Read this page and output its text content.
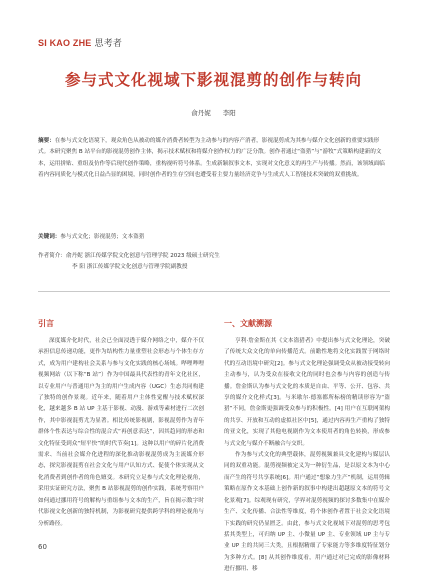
SI KAO ZHE 思考者
参与式文化视域下影视混剪的创作与转向
俞丹妮 李阳
摘要：在参与式文化语境下，观众角色从被动的媒介消费者转型为主动参与的内容产消者，影视混剪成为其参与媒介文化创新的重要实践形式。本研究聚焦 B 站平台的影视混剪创作主体，揭示技术赋权和将媒介创作权力的广泛分散。创作者通过“盗猎”与“游牧”式策略构建新的文本，运用拼贴、重组及仿作等后现代创作策略，重构视听符号体系。生成新颖叙事文本，实现对文化意义的再生产与传播。然而，该领域面临着内容同质化与模式化日益凸显的困境，同时创作者的生存空间也遭受着主要力量经济竞争与生成式人工智能技术突破的双重挑战。
关键词：参与式文化；影视混剪；文本盗猎
作者简介：俞丹妮 浙江传媒学院文化创意与管理学院 2023 级硕士研究生
李 阳 浙江传媒学院文化创意与管理学院副教授
引言	一、文献溯源

深度媒介化时代，社会已全面浸透于媒介网络之中，媒介不仅承担信息传递功能，更作为结构性力量重塑社会形态与个体生存方式，成为用户建构社会关系与参与文化实践的核心场域。哔哩哔哩视频网站（以下称“B 站”）作为中国最具代表性的青年文化社区，以专业用户与普通用户为主的用户生成内容（UGC）生态共同构建了独特的创作景观。近年来，随着用户主体性觉醒与技术赋权深化，越来越多 B 站 UP 主基于影视、动漫、游戏等素材进行二次创作，其中影视混剪尤为显著。相比传统影视剧，影视混剪作为青年群体个性表达与综合性的混合式“再创意表达”，因其趋同的形态和文化特征受到众“短平快”的时代节奏[1]。这种以用户的碎片化消费需求、当前社会媒介化进程的深化推动影视混剪成为主流媒介形态，探究影视混剪在社会文化与用户认知方式、促使个体实现从文化消费者到创作者的角色嬗变。本研究立足参与式文化理论视角，采用实证研究方法，聚焦 B 站影视混剪的创作实践，系统考察用户如何通过挪用符号的解构与重组参与文本的生产，旨在揭示数字时代影视文化创新的独特机制，为影视研究提供跨学科的理论视角与分析路径。

亨利·詹金斯在其《文本盗猎者》中提出参与式文化理论，突破了传统大众文化的单向传播范式。前瞻性地将文化实践置于网络时代的互动语境中研究[2]。参与式文化理论强调受众从被动接受转向主动参与，认为受众在接收文化的同时也会参与内容的创造与传播。詹金斯认为参与式文化的本质是自由、平等、公开、包容、共享的媒介文化样式[3]。与米歇尔·德塞都所标榜的精读形容为“盗猎”不同，詹金斯更强调受众参与的积极性。[4] 用户在互联网架构的共享、开放和互动的虚拟社区中[5]，通过内容再生产重构了独特的亚文化，实现了其他电视剧作为文本使用者的角色转换，形成参与式文化与媒介不断融合与交织。

作为参与式文化的典型载体，混剪视频兼具文化建构与媒层认同的双重功能。混剪视频被定义为一种衍生品，是以原文本为中心而产生的符号共享系统[6]。用户通过“想象力生产”机制，运用剪辑策略在原作文本基础上创作新的叙事中构建出超越原文本的符号文化景观[7]。综观现有研究，学界对混剪视频的探讨多数集中在媒介生产、文化传播、合法性等维度，将个体创作者置于社会文化语境下实践的研究仍显匮乏。由此，参与式文化视域下对混剪的思考包括其类型上，可归纳 UP 主、小微量 UP 主、专业领域 UP 主与专业 UP 主的共同三大类，且根据精细了专家能力等多维度特征划分为多种方式。[8] 从其创作维度看，用户通过对已完成的影像材料进行挪用、移

60
